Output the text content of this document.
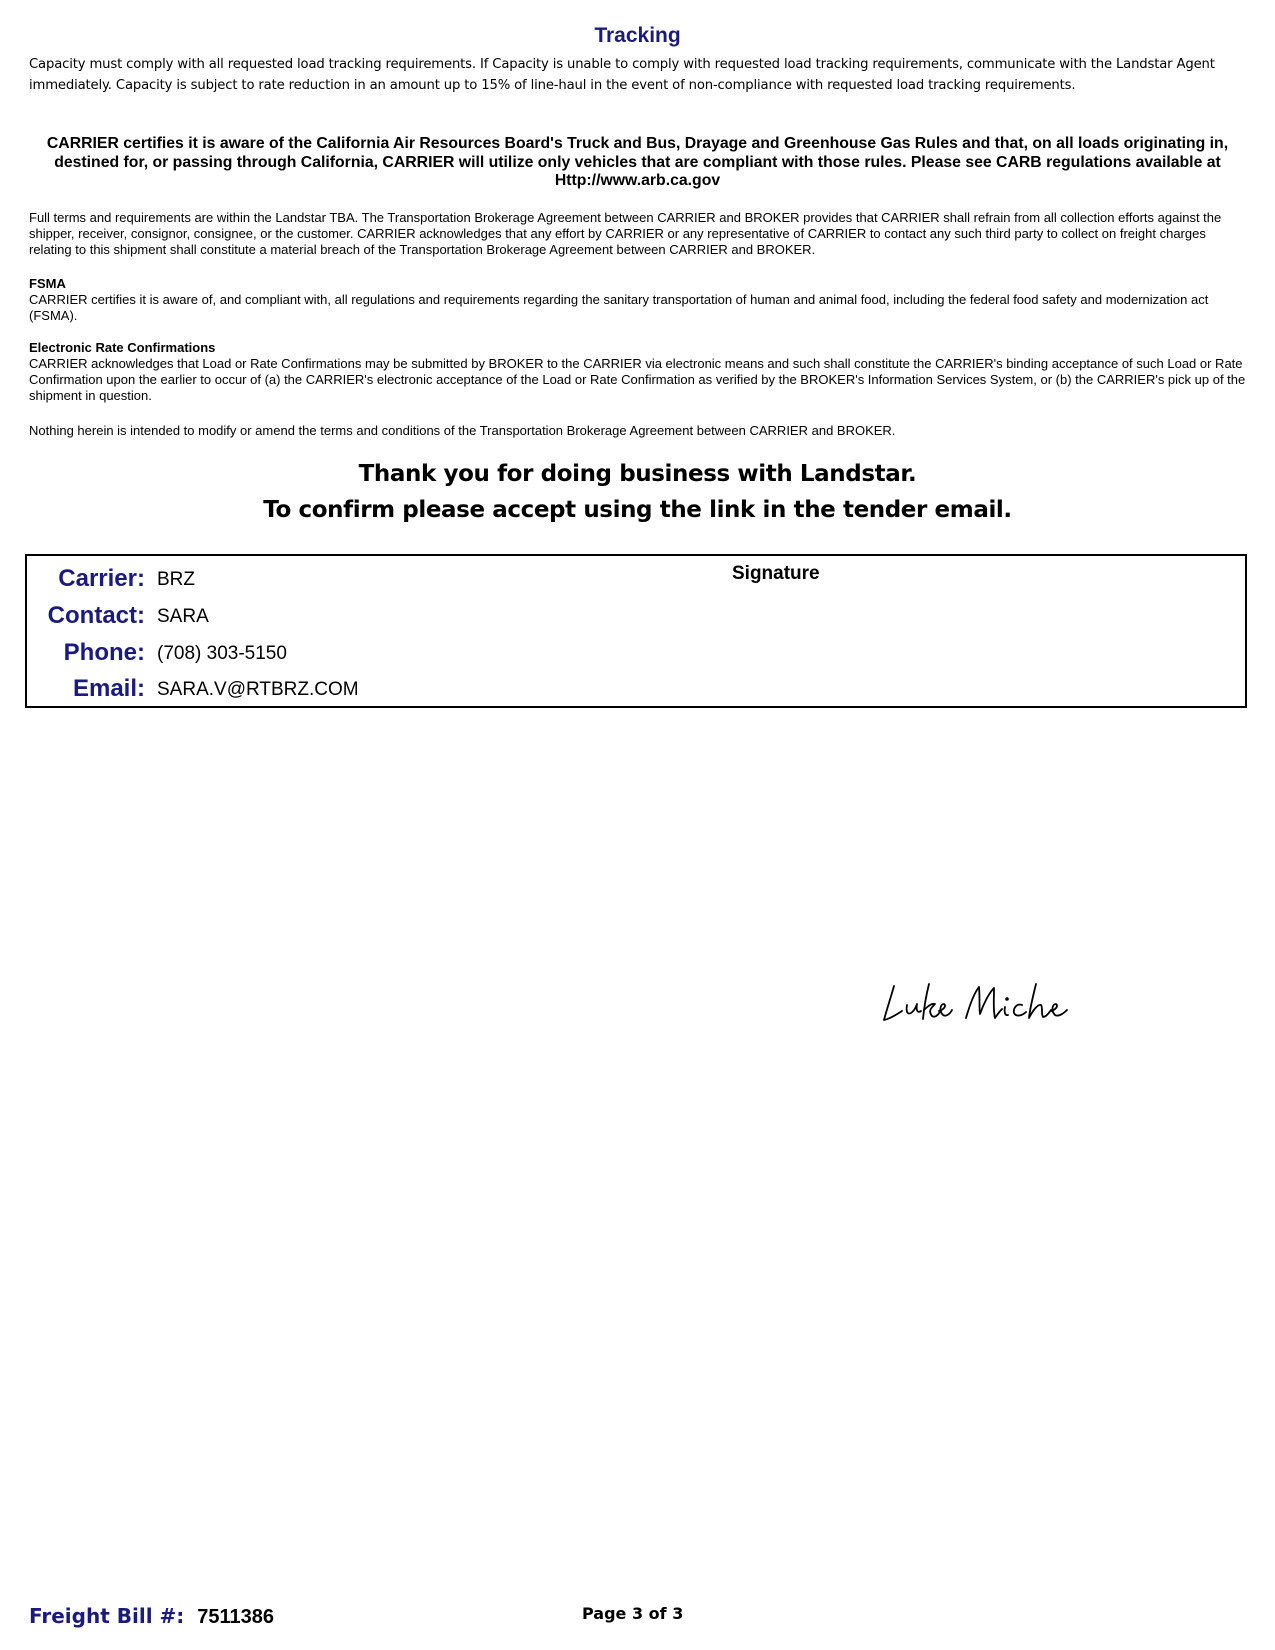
Tracking
Capacity must comply with all requested load tracking requirements. If Capacity is unable to comply with requested load tracking requirements, communicate with the Landstar Agent immediately. Capacity is subject to rate reduction in an amount up to 15% of line-haul in the event of non-compliance with requested load tracking requirements.
CARRIER certifies it is aware of the California Air Resources Board's Truck and Bus, Drayage and Greenhouse Gas Rules and that, on all loads originating in, destined for, or passing through California, CARRIER will utilize only vehicles that are compliant with those rules. Please see CARB regulations available at Http://www.arb.ca.gov
Full terms and requirements are within the Landstar TBA. The Transportation Brokerage Agreement between CARRIER and BROKER provides that CARRIER shall refrain from all collection efforts against the shipper, receiver, consignor, consignee, or the customer. CARRIER acknowledges that any effort by CARRIER or any representative of CARRIER to contact any such third party to collect on freight charges relating to this shipment shall constitute a material breach of the Transportation Brokerage Agreement between CARRIER and BROKER.
FSMA
CARRIER certifies it is aware of, and compliant with, all regulations and requirements regarding the sanitary transportation of human and animal food, including the federal food safety and modernization act (FSMA).
Electronic Rate Confirmations
CARRIER acknowledges that Load or Rate Confirmations may be submitted by BROKER to the CARRIER via electronic means and such shall constitute the CARRIER's binding acceptance of such Load or Rate Confirmation upon the earlier to occur of (a) the CARRIER's electronic acceptance of the Load or Rate Confirmation as verified by the BROKER's Information Services System, or (b) the CARRIER's pick up of the shipment in question.
Nothing herein is intended to modify or amend the terms and conditions of the Transportation Brokerage Agreement between CARRIER and BROKER.
Thank you for doing business with Landstar.
To confirm please accept using the link in the tender email.
Carrier: BRZ
Contact: SARA
Phone: (708) 303-5150
Email: SARA.V@RTBRZ.COM
Signature
Freight Bill #: 7511386	Page 3 of 3
